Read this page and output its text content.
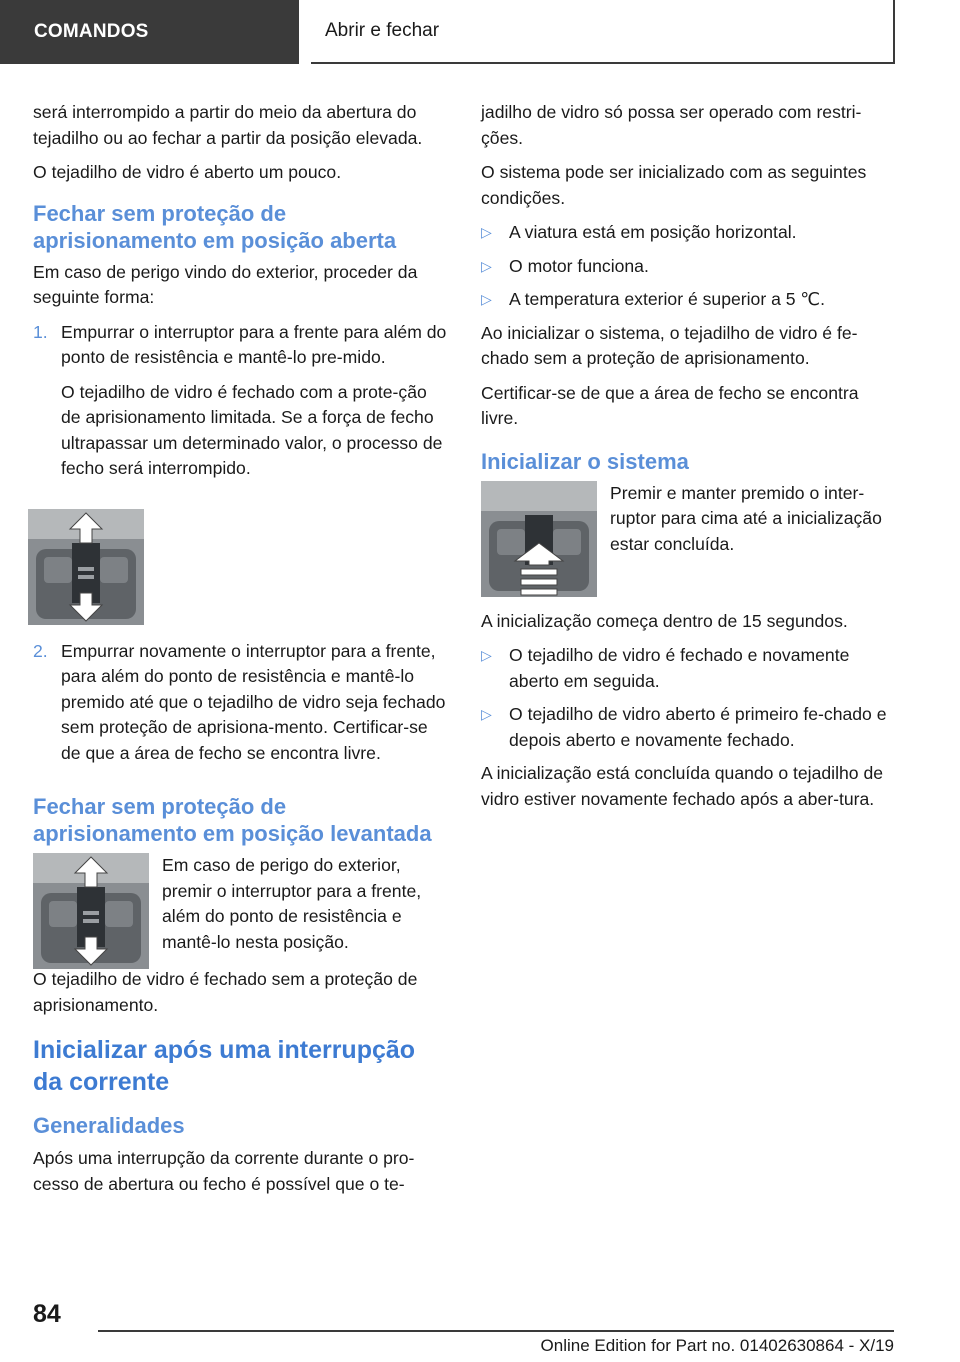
COMANDOS	Abrir e fechar

será interrompido a partir do meio da abertura do tejadilho ou ao fechar a partir da posição elevada.

O tejadilho de vidro é aberto um pouco.

Fechar sem proteção de aprisionamento em posição aberta

Em caso de perigo vindo do exterior, proceder da seguinte forma:

1. Empurrar o interruptor para a frente para além do ponto de resistência e mantê-lo pre-mido.

O tejadilho de vidro é fechado com a prote-ção de aprisionamento limitada. Se a força de fecho ultrapassar um determinado valor, o processo de fecho será interrompido.

2. Empurrar novamente o interruptor para a frente, para além do ponto de resistência e mantê-lo premido até que o tejadilho de vidro seja fechado sem proteção de aprisiona-mento. Certificar-se de que a área de fecho se encontra livre.

Fechar sem proteção de aprisionamento em posição levantada

Em caso de perigo do exterior, premir o interruptor para a frente, além do ponto de resistência e mantê-lo nesta posição.

O tejadilho de vidro é fechado sem a proteção de aprisionamento.

Inicializar após uma interrupção da corrente
Generalidades

Após uma interrupção da corrente durante o pro-cesso de abertura ou fecho é possível que o te-

jadilho de vidro só possa ser operado com restri-ções.

O sistema pode ser inicializado com as seguintes condições.

▷ A viatura está em posição horizontal.
▷ O motor funciona.
▷ A temperatura exterior é superior a 5 ℃.

Ao inicializar o sistema, o tejadilho de vidro é fe-chado sem a proteção de aprisionamento.

Certificar-se de que a área de fecho se encontra livre.

Inicializar o sistema

Premir e manter premido o inter-ruptor para cima até a inicialização estar concluída.

A inicialização começa dentro de 15 segundos.

▷ O tejadilho de vidro é fechado e novamente aberto em seguida.
▷ O tejadilho de vidro aberto é primeiro fe-chado e depois aberto e novamente fechado.

A inicialização está concluída quando o tejadilho de vidro estiver novamente fechado após a aber-tura.

84
Online Edition for Part no. 01402630864 - X/19
